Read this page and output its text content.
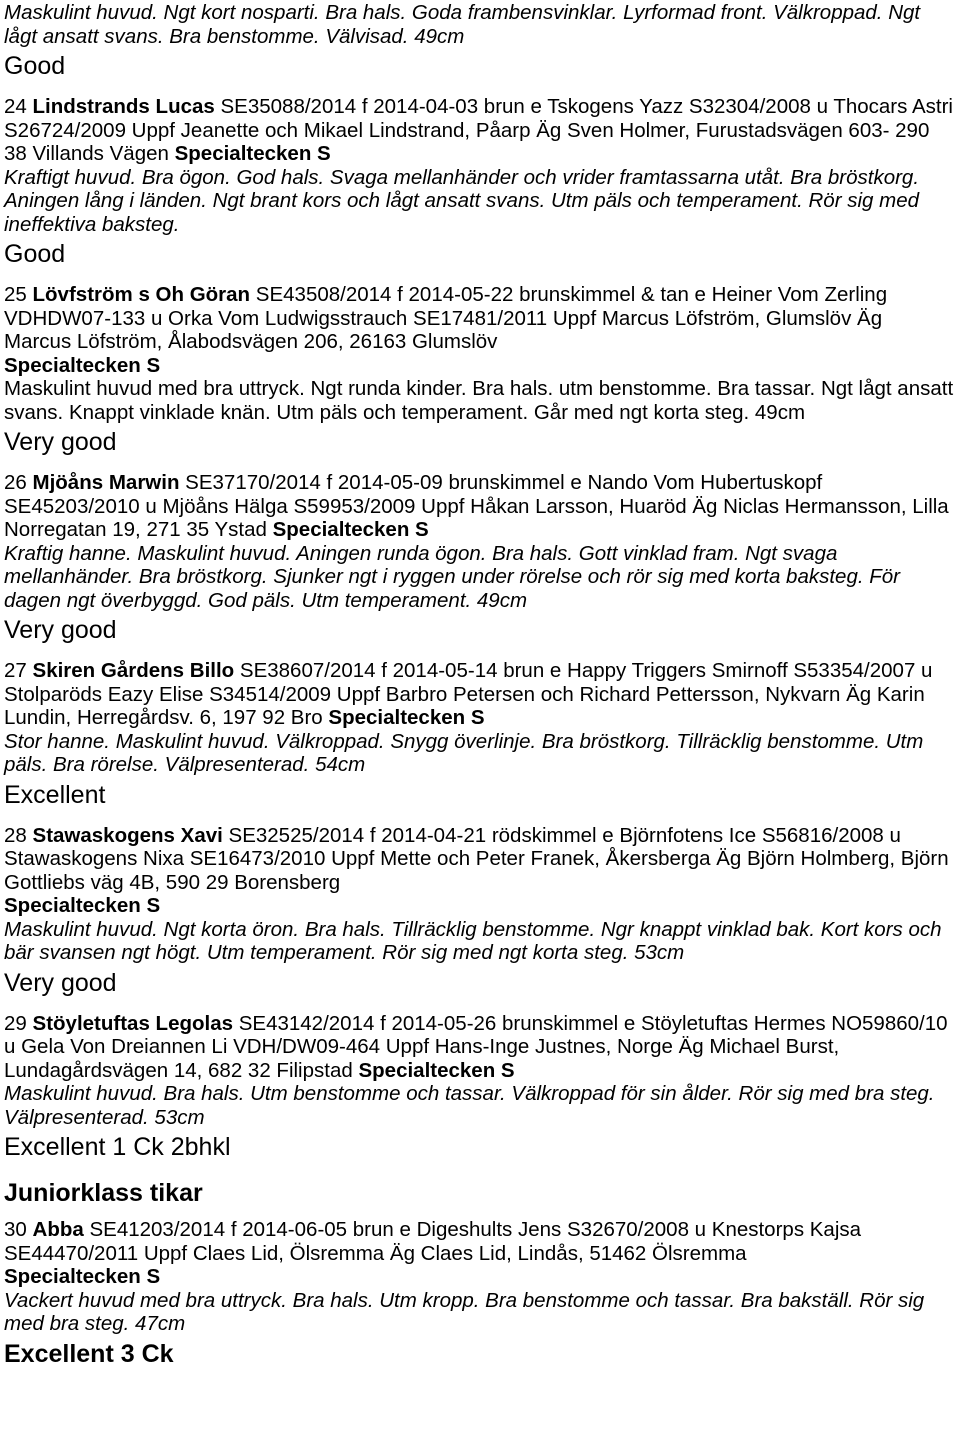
Maskulint huvud. Ngt kort nosparti. Bra hals. Goda frambensvinklar. Lyrformad front. Välkroppad. Ngt lågt ansatt svans. Bra benstomme. Välvisad. 49cm

Good

24 Lindstrands Lucas SE35088/2014 f 2014-04-03 brun e Tskogens Yazz S32304/2008 u Thocars Astri S26724/2009 Uppf Jeanette och Mikael Lindstrand, Påarp Äg Sven Holmer, Furustadsvägen 603- 290 38 Villands Vägen Specialtecken S

Kraftigt huvud. Bra ögon. God hals. Svaga mellanhänder och vrider framtassarna utåt. Bra bröstkorg. Aningen lång i länden. Ngt brant kors och lågt ansatt svans. Utm päls och temperament. Rör sig med ineffektiva baksteg.

Good

25 Lövfström s Oh Göran SE43508/2014 f 2014-05-22 brunskimmel & tan e Heiner Vom Zerling VDHDW07-133 u Orka Vom Ludwigsstrauch SE17481/2011 Uppf Marcus Löfström, Glumslöv Äg Marcus Löfström, Ålabodsvägen 206, 26163 Glumslöv

Specialtecken S

Maskulint huvud med bra uttryck. Ngt runda kinder. Bra hals. utm benstomme. Bra tassar. Ngt lågt ansatt svans. Knappt vinklade knän. Utm päls och temperament. Går med ngt korta steg. 49cm

Very good

26 Mjöåns Marwin SE37170/2014 f 2014-05-09 brunskimmel e Nando Vom Hubertuskopf SE45203/2010 u Mjöåns Hälga S59953/2009 Uppf Håkan Larsson, Huaröd Äg Niclas Hermansson, Lilla Norregatan 19, 271 35 Ystad Specialtecken S

Kraftig hanne. Maskulint huvud. Aningen runda ögon. Bra hals. Gott vinklad fram. Ngt svaga mellanhänder. Bra bröstkorg. Sjunker ngt i ryggen under rörelse och rör sig med korta baksteg. För dagen ngt överbyggd. God päls. Utm temperament. 49cm

Very good

27 Skiren Gårdens Billo SE38607/2014 f 2014-05-14 brun e Happy Triggers Smirnoff S53354/2007 u Stolparöds Eazy Elise S34514/2009 Uppf Barbro Petersen och Richard Pettersson, Nykvarn Äg Karin Lundin, Herregårdsv. 6, 197 92 Bro Specialtecken S

Stor hanne. Maskulint huvud. Välkroppad. Snygg överlinje. Bra bröstkorg. Tillräcklig benstomme. Utm päls. Bra rörelse. Välpresenterad. 54cm

Excellent

28 Stawaskogens Xavi SE32525/2014 f 2014-04-21 rödskimmel e Björnfotens Ice S56816/2008 u Stawaskogens Nixa SE16473/2010 Uppf Mette och Peter Franek, Åkersberga Äg Björn Holmberg, Björn Gottliebs väg 4B, 590 29 Borensberg

Specialtecken S

Maskulint huvud. Ngt korta öron. Bra hals. Tillräcklig benstomme. Ngr knappt vinklad bak. Kort kors och bär svansen ngt högt. Utm temperament. Rör sig med ngt korta steg. 53cm

Very good

29 Stöyletuftas Legolas SE43142/2014 f 2014-05-26 brunskimmel e Stöyletuftas Hermes NO59860/10 u Gela Von Dreiannen Li VDH/DW09-464 Uppf Hans-Inge Justnes, Norge Äg Michael Burst, Lundagårdsvägen 14, 682 32 Filipstad Specialtecken S

Maskulint huvud. Bra hals. Utm benstomme och tassar. Välkroppad för sin ålder. Rör sig med bra steg. Välpresenterad. 53cm

Excellent 1 Ck 2bhkl
Juniorklass tikar

30 Abba SE41203/2014 f 2014-06-05 brun e Digeshults Jens S32670/2008 u Knestorps Kajsa SE44470/2011 Uppf Claes Lid, Ölsremma Äg Claes Lid, Lindås, 51462 Ölsremma

Specialtecken S

Vackert huvud med bra uttryck. Bra hals. Utm kropp. Bra benstomme och tassar. Bra bakställ. Rör sig med bra steg. 47cm

Excellent 3 Ck
